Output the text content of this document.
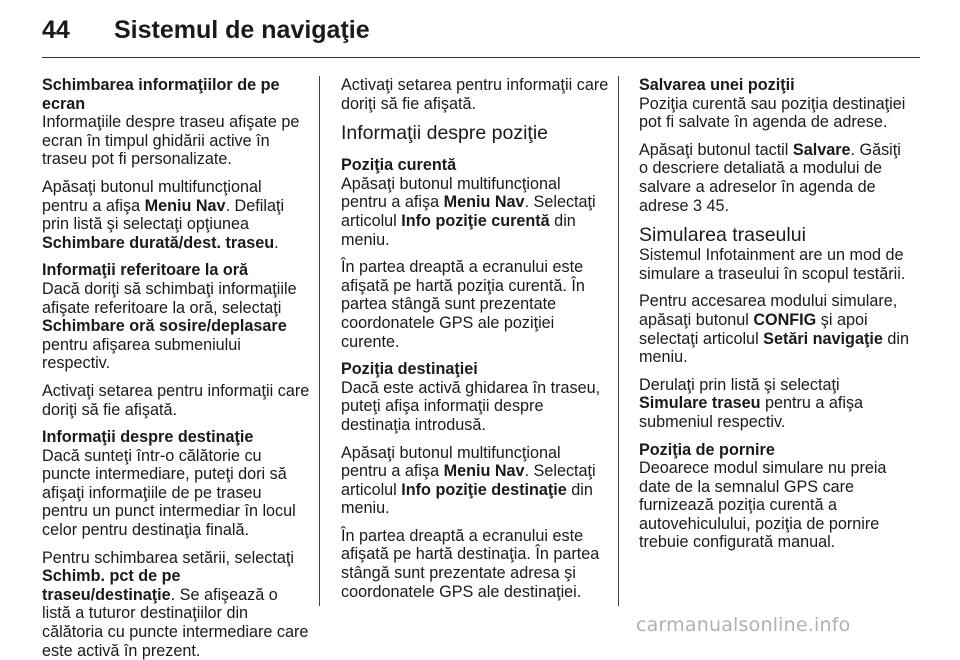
44 Sistemul de navigaţie
Schimbarea informaţiilor de pe ecran

Informaţiile despre traseu afişate pe ecran în timpul ghidării active în traseu pot fi personalizate.

Apăsaţi butonul multifuncţional pentru a afişa Meniu Nav. Defilaţi prin listă şi selectaţi opţiunea Schimbare durată/dest. traseu.

Informaţii referitoare la oră

Dacă doriţi să schimbaţi informaţiile afişate referitoare la oră, selectaţi Schimbare oră sosire/deplasare pentru afişarea submeniului respectiv.

Activaţi setarea pentru informaţii care doriţi să fie afişată.

Informaţii despre destinaţie

Dacă sunteţi într-o călătorie cu puncte intermediare, puteţi dori să afişaţi informaţiile de pe traseu pentru un punct intermediar în locul celor pentru destinaţia finală.

Pentru schimbarea setării, selectaţi Schimb. pct de pe traseu/destinaţie. Se afişează o listă a tuturor destinaţiilor din călătoria cu puncte intermediare care este activă în prezent.

Activaţi setarea pentru informaţii care doriţi să fie afişată.

Informaţii despre poziţie
Poziţia curentă

Apăsaţi butonul multifuncţional pentru a afişa Meniu Nav. Selectaţi articolul Info poziţie curentă din meniu.

În partea dreaptă a ecranului este afişată pe hartă poziţia curentă. În partea stângă sunt prezentate coordonatele GPS ale poziţiei curente.

Poziţia destinaţiei

Dacă este activă ghidarea în traseu, puteţi afişa informaţii despre destinaţia introdusă.

Apăsaţi butonul multifuncţional pentru a afişa Meniu Nav. Selectaţi articolul Info poziţie destinaţie din meniu.

În partea dreaptă a ecranului este afişată pe hartă destinaţia. În partea stângă sunt prezentate adresa şi coordonatele GPS ale destinaţiei.

Salvarea unei poziţii

Poziţia curentă sau poziţia destinaţiei pot fi salvate în agenda de adrese.

Apăsaţi butonul tactil Salvare. Găsiţi o descriere detaliată a modului de salvare a adreselor în agenda de adrese 3 45.

Simularea traseului

Sistemul Infotainment are un mod de simulare a traseului în scopul testării.

Pentru accesarea modului simulare, apăsaţi butonul CONFIG şi apoi selectaţi articolul Setări navigaţie din meniu.

Derulaţi prin listă şi selectaţi Simulare traseu pentru a afişa submeniul respectiv.

Poziţia de pornire

Deoarece modul simulare nu preia date de la semnalul GPS care furnizează poziţia curentă a autovehiculului, poziţia de pornire trebuie configurată manual.

carmanualsonline.info
